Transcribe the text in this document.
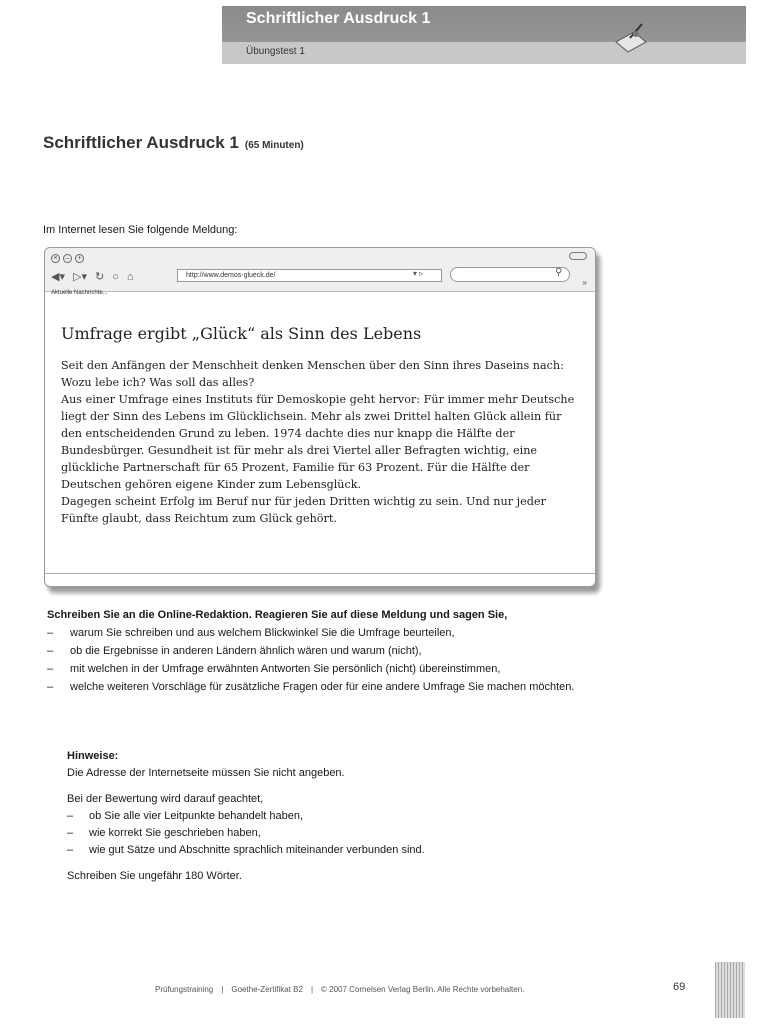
Schriftlicher Ausdruck 1
Übungstest 1
Schriftlicher Ausdruck 1 (65 Minuten)
Im Internet lesen Sie folgende Meldung:
×	–	+
◀▾ ▷▾ ↻ ○ ⌂	http://www.demos-glueck.de/	▾ ▹	⚲
»
Aktuelle Nachrichte...
Umfrage ergibt „Glück“ als Sinn des Lebens

Seit den Anfängen der Menschheit denken Menschen über den Sinn ihres Daseins nach: Wozu lebe ich? Was soll das alles?

Aus einer Umfrage eines Instituts für Demoskopie geht hervor: Für immer mehr Deutsche liegt der Sinn des Lebens im Glücklichsein. Mehr als zwei Drittel halten Glück allein für den entscheidenden Grund zu leben. 1974 dachte dies nur knapp die Hälfte der Bundesbürger. Gesundheit ist für mehr als drei Viertel aller Befragten wichtig, eine glückliche Partnerschaft für 65 Prozent, Familie für 63 Prozent. Für die Hälfte der Deutschen gehören eigene Kinder zum Lebensglück.

Dagegen scheint Erfolg im Beruf nur für jeden Dritten wichtig zu sein. Und nur jeder Fünfte glaubt, dass Reichtum zum Glück gehört.

Schreiben Sie an die Online-Redaktion. Reagieren Sie auf diese Meldung und sagen Sie,
– warum Sie schreiben und aus welchem Blickwinkel Sie die Umfrage beurteilen,
– ob die Ergebnisse in anderen Ländern ähnlich wären und warum (nicht),
– mit welchen in der Umfrage erwähnten Antworten Sie persönlich (nicht) übereinstimmen,
– welche weiteren Vorschläge für zusätzliche Fragen oder für eine andere Umfrage Sie machen möchten.
Hinweise:
Die Adresse der Internetseite müssen Sie nicht angeben.
Bei der Bewertung wird darauf geachtet,
– ob Sie alle vier Leitpunkte behandelt haben,
– wie korrekt Sie geschrieben haben,
– wie gut Sätze und Abschnitte sprachlich miteinander verbunden sind.
Schreiben Sie ungefähr 180 Wörter.
Prüfungstraining | Goethe-Zertifikat B2 | © 2007 Cornelsen Verlag Berlin. Alle Rechte vorbehalten.	69
